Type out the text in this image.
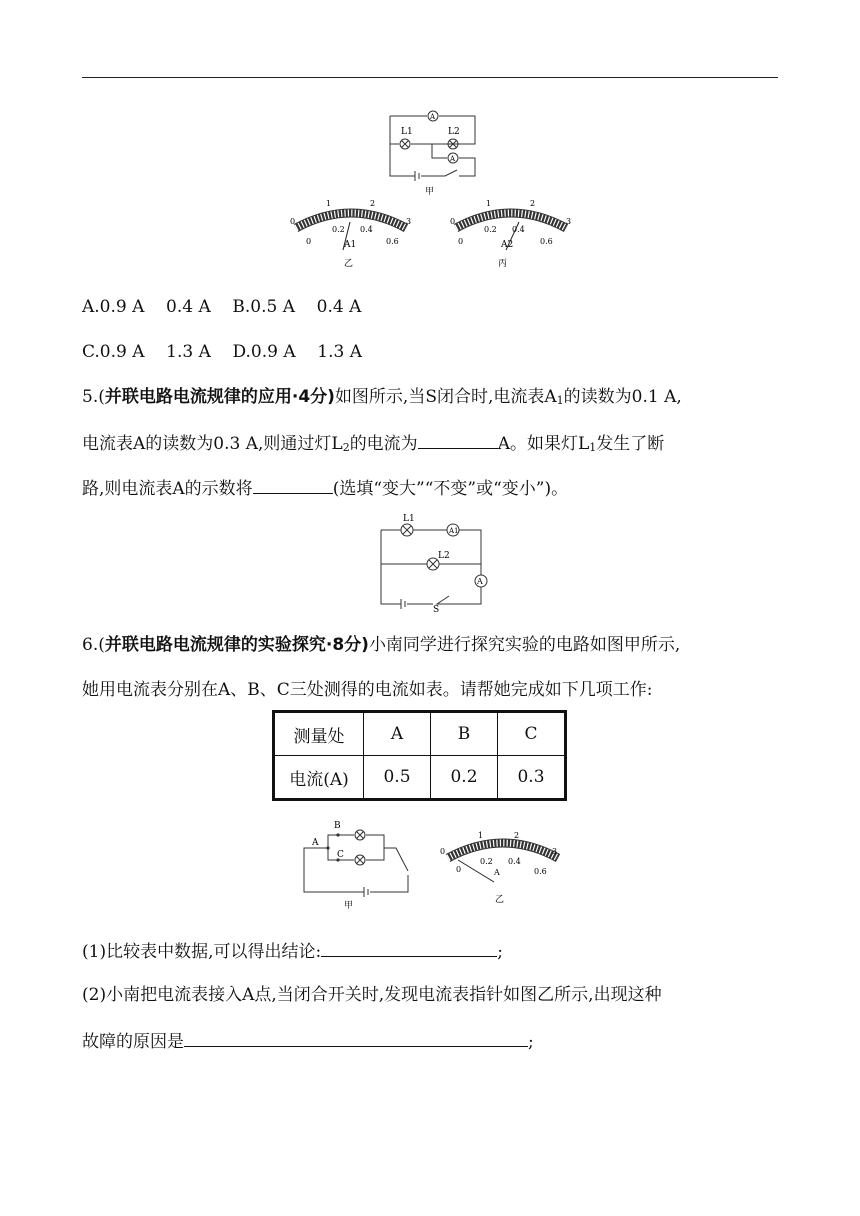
A
A
L1	L2
甲
0
1	2
3
0
0.2 0.4
0.6
A1
乙
0
1	2
3
0
0.2 0.4
0.6
A2
丙
A.0.9 A 0.4 A B.0.5 A 0.4 A
C.0.9 A 1.3 A D.0.9 A 1.3 A
5.(并联电路电流规律的应用·4分)如图所示,当S闭合时,电流表$A_1$的读数为0.1 A,
电流表A的读数为0.3 A,则通过灯$L_2$的电流为	A。如果灯$L_1$发生了断
路,则电流表A的示数将	(选填“变大”“不变”或“变小”)。
L1
A1
L2
A
S
6.(并联电路电流规律的实验探究·8分)小南同学进行探究实验的电路如图甲所示,
她用电流表分别在A、B、C三处测得的电流如表。请帮她完成如下几项工作:
测量处	A	B	C
电流(A)	0.5	0.2	0.3
A
B
C
甲
0
1	2
3
0
0.2 0.4
0.6
A
乙
(1)比较表中数据,可以得出结论:	;
(2)小南把电流表接入A点,当闭合开关时,发现电流表指针如图乙所示,出现这种
故障的原因是	;
